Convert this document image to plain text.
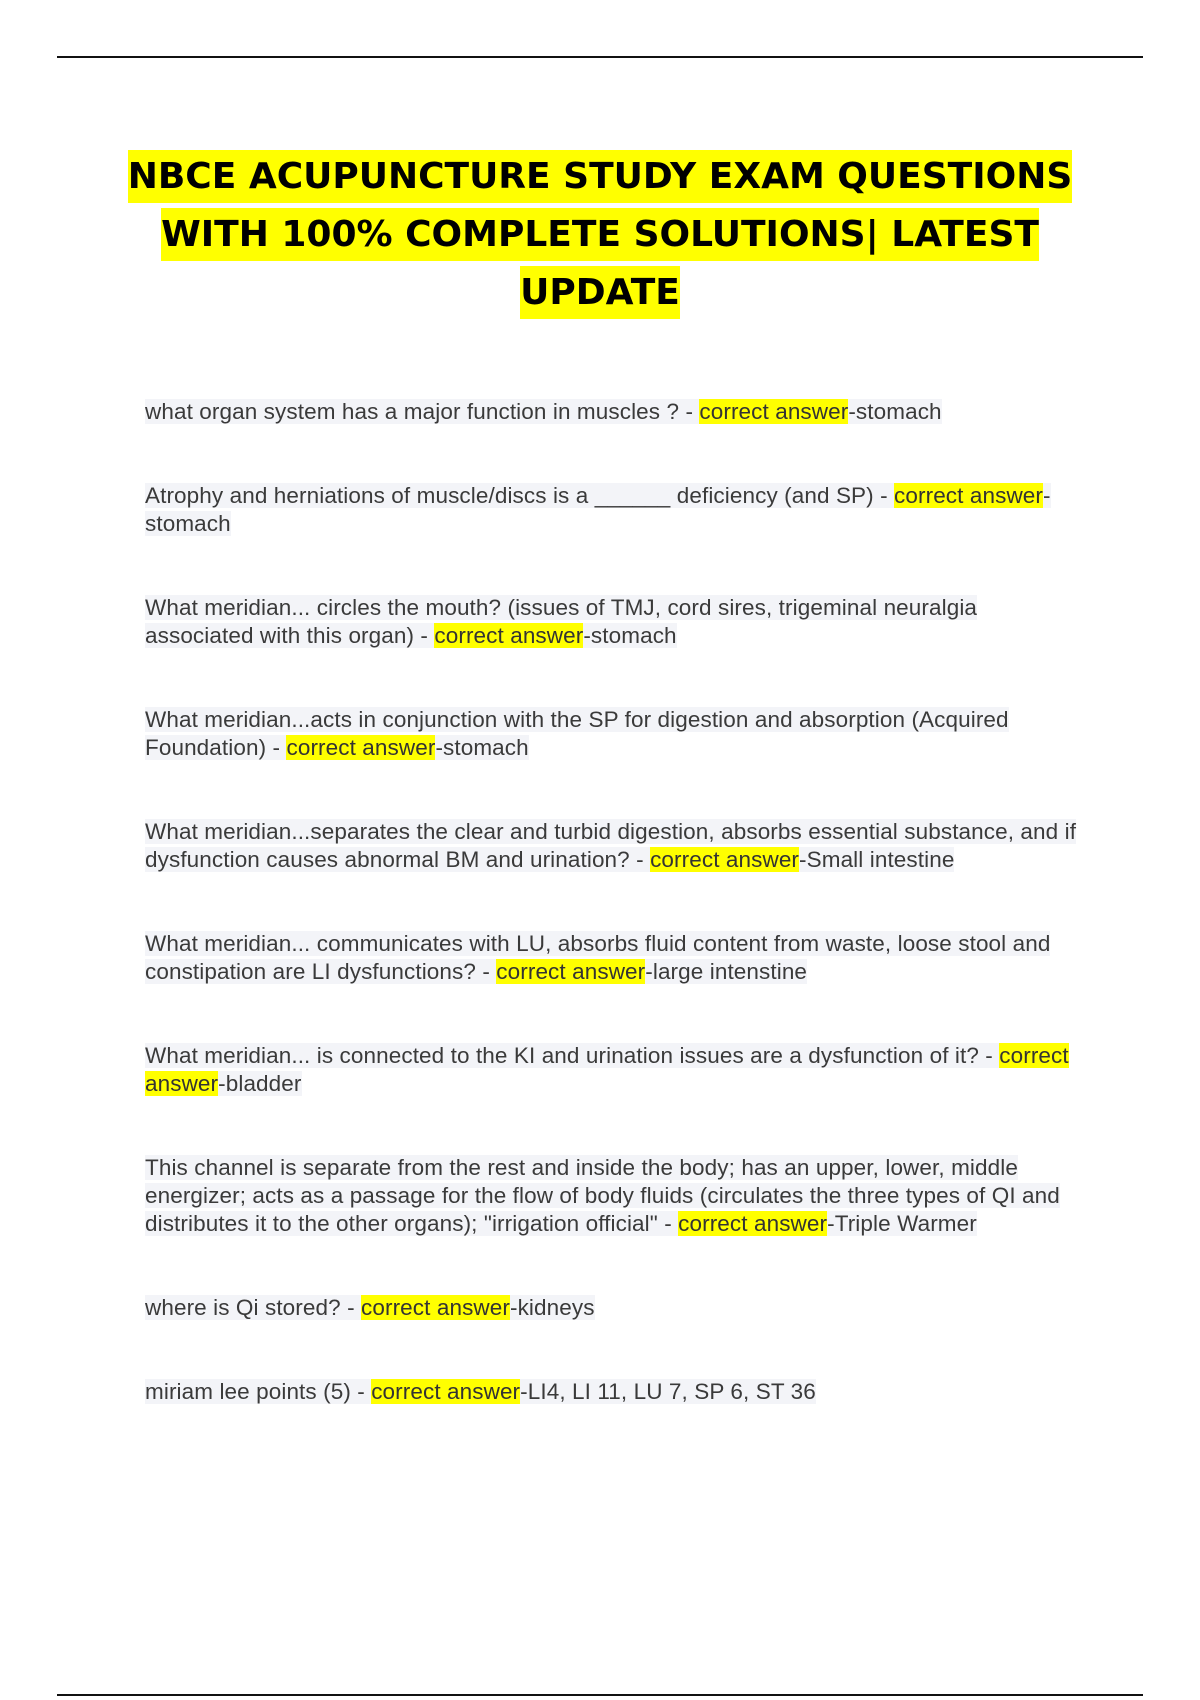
NBCE ACUPUNCTURE STUDY EXAM QUESTIONS WITH 100% COMPLETE SOLUTIONS| LATEST UPDATE
what organ system has a major function in muscles ? - correct answer-stomach
Atrophy and herniations of muscle/discs is a ______ deficiency (and SP) - correct answer-stomach
What meridian... circles the mouth? (issues of TMJ, cord sires, trigeminal neuralgia associated with this organ) - correct answer-stomach
What meridian...acts in conjunction with the SP for digestion and absorption (Acquired Foundation) - correct answer-stomach
What meridian...separates the clear and turbid digestion, absorbs essential substance, and if dysfunction causes abnormal BM and urination? - correct answer-Small intestine
What meridian... communicates with LU, absorbs fluid content from waste, loose stool and constipation are LI dysfunctions? - correct answer-large intenstine
What meridian... is connected to the KI and urination issues are a dysfunction of it? - correct answer-bladder
This channel is separate from the rest and inside the body; has an upper, lower, middle energizer; acts as a passage for the flow of body fluids (circulates the three types of QI and distributes it to the other organs); "irrigation official" - correct answer-Triple Warmer
where is Qi stored? - correct answer-kidneys
miriam lee points (5) - correct answer-LI4, LI 11, LU 7, SP 6, ST 36
